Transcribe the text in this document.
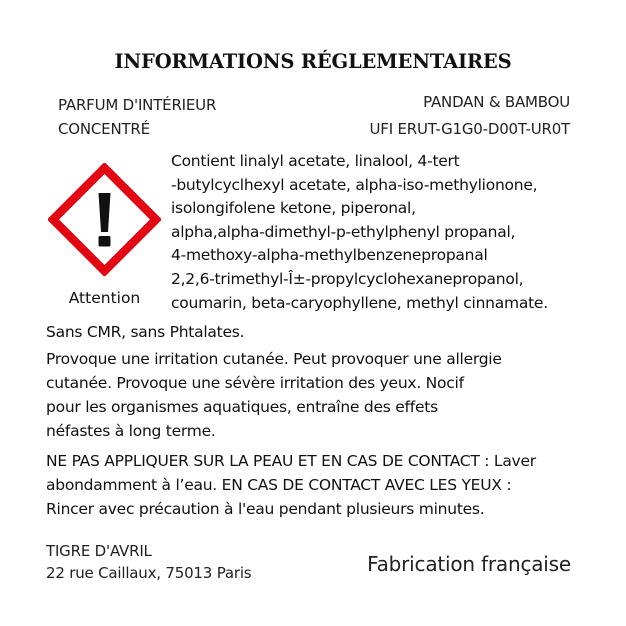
INFORMATIONS RÉGLEMENTAIRES
PARFUM D'INTÉRIEUR
CONCENTRÉ
PANDAN & BAMBOU
UFI ERUT-G1G0-D00T-UR0T
Attention
Contient linalyl acetate, linalool, 4-tert
-butylcyclhexyl acetate, alpha-iso-methylionone,
isolongifolene ketone, piperonal,
alpha,alpha-dimethyl-p-ethylphenyl propanal,
4-methoxy-alpha-methylbenzenepropanal
2,2,6-trimethyl-Î±-propylcyclohexanepropanol,
coumarin, beta-caryophyllene, methyl cinnamate.
Sans CMR, sans Phtalates.
Provoque une irritation cutanée. Peut provoquer une allergie
cutanée. Provoque une sévère irritation des yeux. Nocif
pour les organismes aquatiques, entraîne des effets
néfastes à long terme.
NE PAS APPLIQUER SUR LA PEAU ET EN CAS DE CONTACT : Laver
abondamment à l’eau. EN CAS DE CONTACT AVEC LES YEUX :
Rincer avec précaution à l'eau pendant plusieurs minutes.
TIGRE D'AVRIL
22 rue Caillaux, 75013 Paris	Fabrication française
